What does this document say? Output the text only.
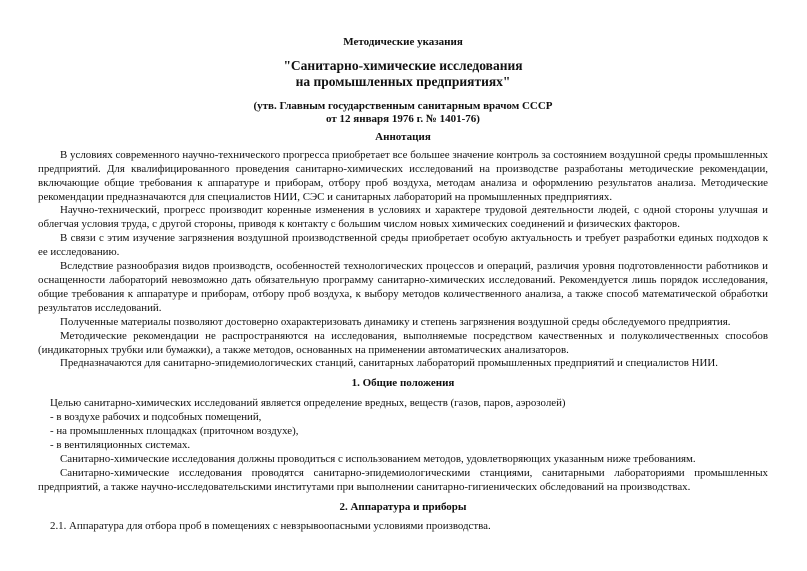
Методические указания
"Санитарно-химические исследования
на промышленных предприятиях"
(утв. Главным государственным санитарным врачом СССР
от 12 января 1976 г. № 1401-76)
Аннотация

В условиях современного научно-технического прогресса приобретает все большее значение контроль за состоянием воздушной среды промышленных предприятий. Для квалифицированного проведения санитарно-химических исследований на производстве разработаны методические рекомендации, включающие общие требования к аппаратуре и приборам, отбору проб воздуха, методам анализа и оформлению результатов анализа. Методические рекомендации предназначаются для специалистов НИИ, СЭС и санитарных лабораторий на промышленных предприятиях.

Научно-технический, прогресс производит коренные изменения в условиях и характере трудовой деятельности людей, с одной стороны улучшая и облегчая условия труда, с другой стороны, приводя к контакту с большим числом новых химических соединений и физических факторов.

В связи с этим изучение загрязнения воздушной производственной среды приобретает особую актуальность и требует разработки единых подходов к ее исследованию.

Вследствие разнообразия видов производств, особенностей технологических процессов и операций, различия уровня подготовленности работников и оснащенности лабораторий невозможно дать обязательную программу санитарно-химических исследований. Рекомендуется лишь порядок исследования, общие требования к аппаратуре и приборам, отбору проб воздуха, к выбору методов количественного анализа, а также способ математической обработки результатов исследований.

Полученные материалы позволяют достоверно охарактеризовать динамику и степень загрязнения воздушной среды обследуемого предприятия.

Методические рекомендации не распространяются на исследования, выполняемые посредством качественных и полуколичественных способов (индикаторных трубки или бумажки), а также методов, основанных на применении автоматических анализаторов.

Предназначаются для санитарно-эпидемиологических станций, санитарных лабораторий промышленных предприятий и специалистов НИИ.

1. Общие положения

Целью санитарно-химических исследований является определение вредных, веществ (газов, паров, аэрозолей)

- в воздухе рабочих и подсобных помещений,

- на промышленных площадках (приточном воздухе),

- в вентиляционных системах.

Санитарно-химические исследования должны проводиться с использованием методов, удовлетворяющих указанным ниже требованиям.

Санитарно-химические исследования проводятся санитарно-эпидемиологическими станциями, санитарными лабораториями промышленных предприятий, а также научно-исследовательскими институтами при выполнении санитарно-гигиенических обследований на производствах.

2. Аппаратура и приборы

2.1. Аппаратура для отбора проб в помещениях с невзрывоопасными условиями производства.
